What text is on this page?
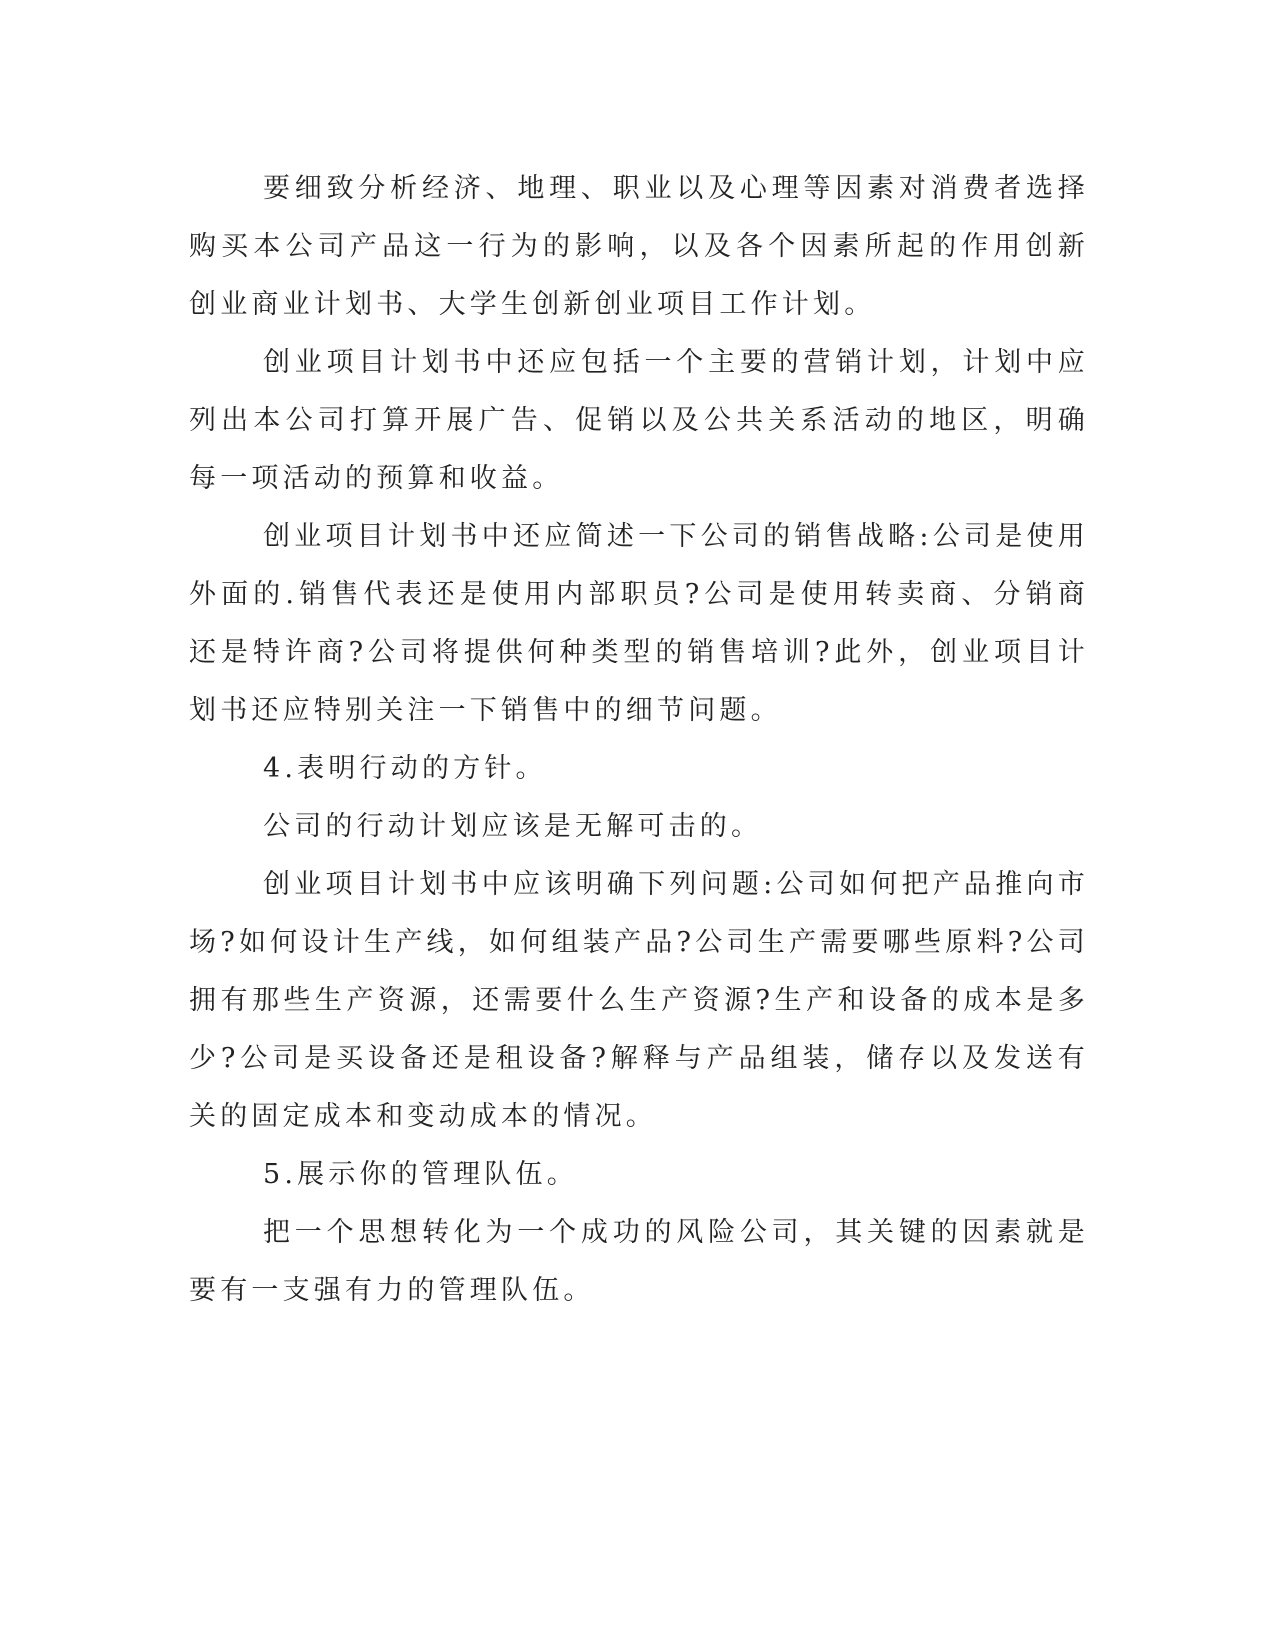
要细致分析经济、地理、职业以及心理等因素对消费者选择购买本公司产品这一行为的影响，以及各个因素所起的作用创新创业商业计划书、大学生创新创业项目工作计划。

创业项目计划书中还应包括一个主要的营销计划，计划中应列出本公司打算开展广告、促销以及公共关系活动的地区，明确每一项活动的预算和收益。

创业项目计划书中还应简述一下公司的销售战略:公司是使用外面的.销售代表还是使用内部职员?公司是使用转卖商、分销商还是特许商?公司将提供何种类型的销售培训?此外，创业项目计划书还应特别关注一下销售中的细节问题。

4.表明行动的方针。

公司的行动计划应该是无解可击的。

创业项目计划书中应该明确下列问题:公司如何把产品推向市场?如何设计生产线，如何组装产品?公司生产需要哪些原料?公司拥有那些生产资源，还需要什么生产资源?生产和设备的成本是多少?公司是买设备还是租设备?解释与产品组装，储存以及发送有关的固定成本和变动成本的情况。

5.展示你的管理队伍。

把一个思想转化为一个成功的风险公司，其关键的因素就是要有一支强有力的管理队伍。
